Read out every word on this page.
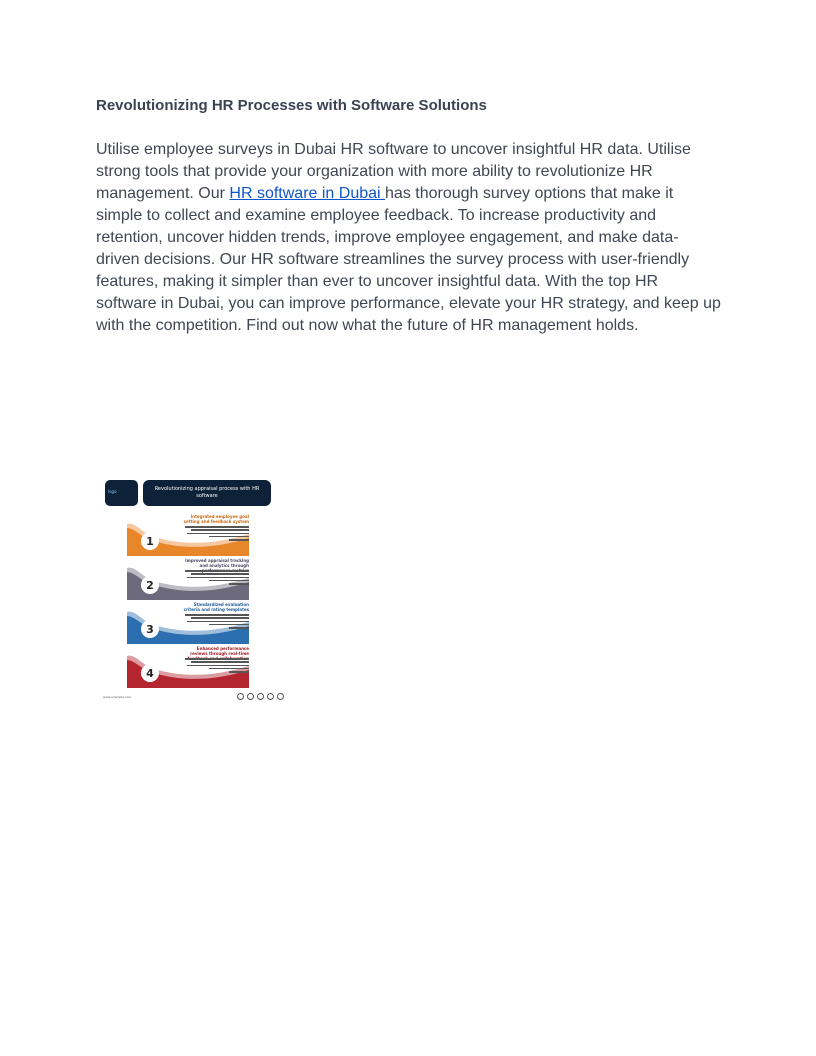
Revolutionizing HR Processes with Software Solutions

Utilise employee surveys in Dubai HR software to uncover insightful HR data. Utilise strong tools that provide your organization with more ability to revolutionize HR management. Our HR software in Dubai has thorough survey options that make it simple to collect and examine employee feedback. To increase productivity and retention, uncover hidden trends, improve employee engagement, and make data-driven decisions. Our HR software streamlines the survey process with user-friendly features, making it simpler than ever to uncover insightful data. With the top HR software in Dubai, you can improve performance, elevate your HR strategy, and keep up with the competition. Find out now what the future of HR management holds.

logo	Revolutionizing appraisal process with HR software
1
Integrated employee goal setting and feedback system
2
Improved appraisal tracking and analytics through
3
Standardized evaluation criteria and rating templates
4
Enhanced performance reviews through real-time
www.example.com
